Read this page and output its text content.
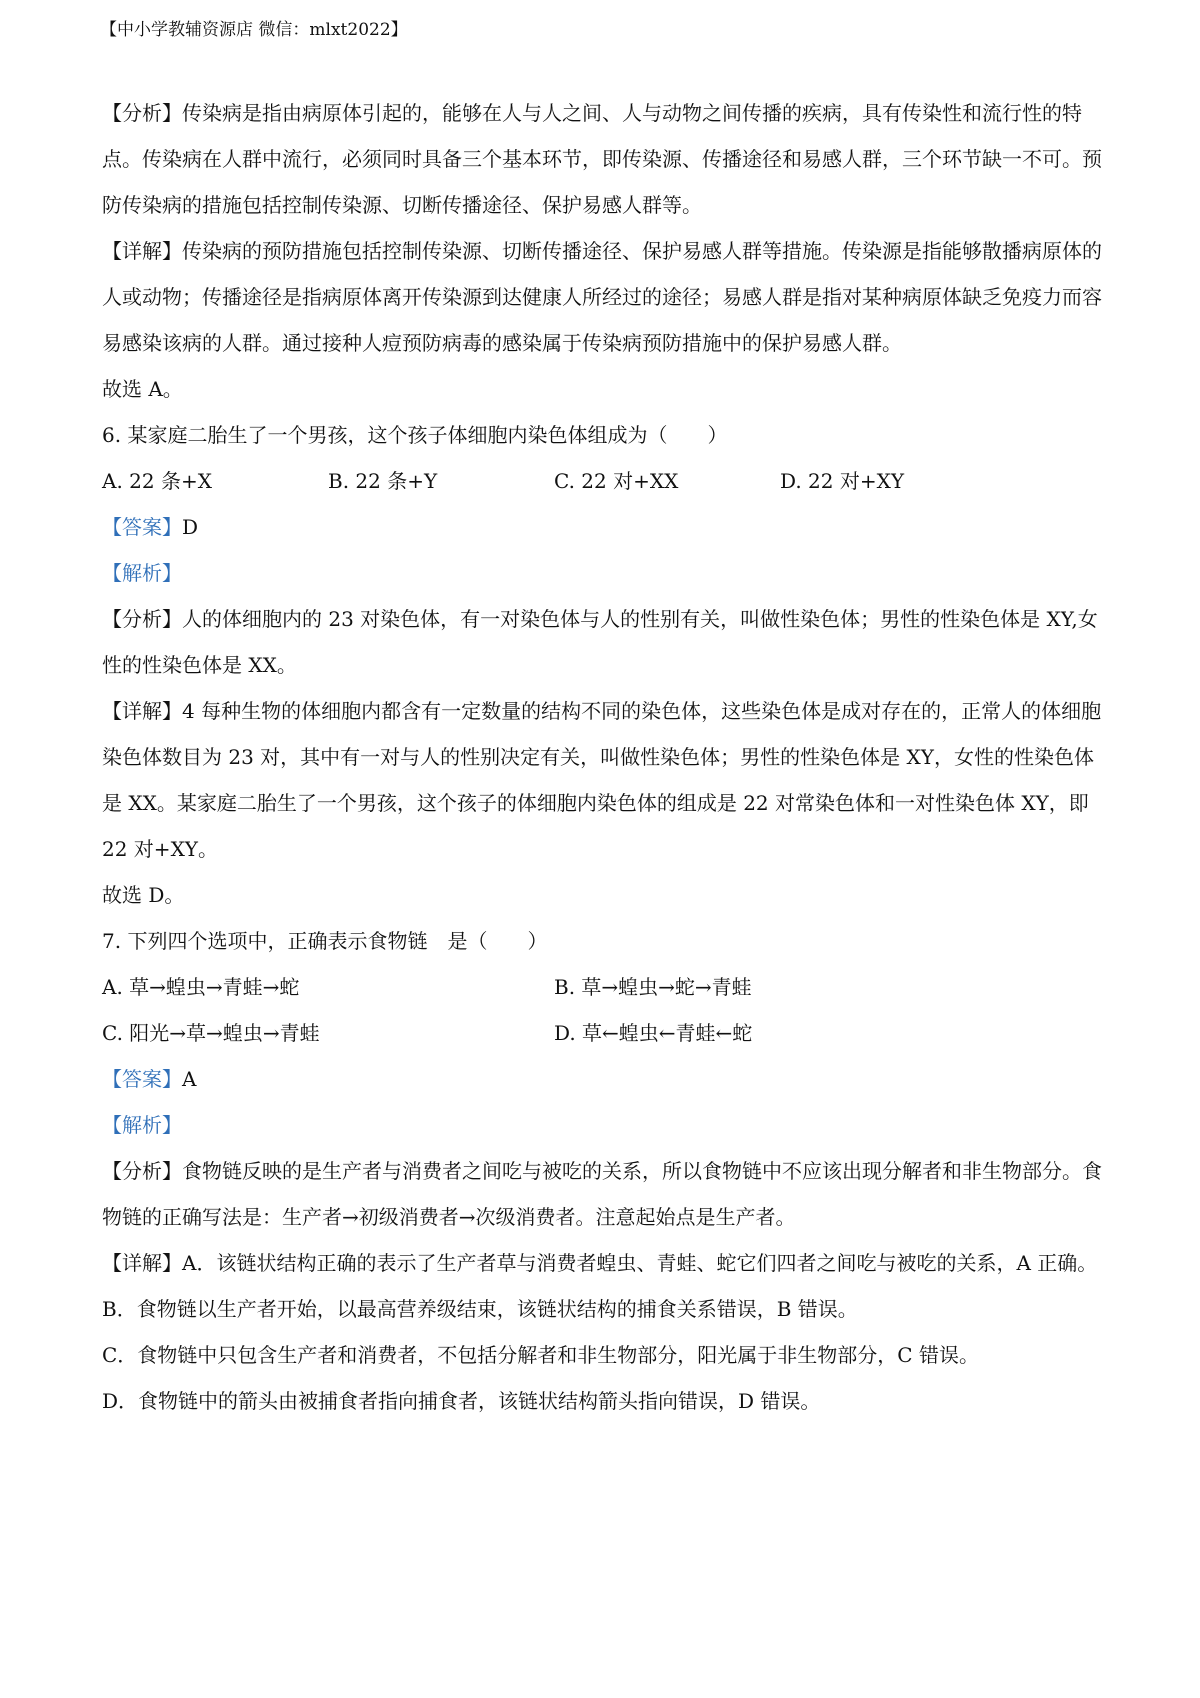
【中小学教辅资源店 微信：mlxt2022】

【分析】传染病是指由病原体引起的，能够在人与人之间、人与动物之间传播的疾病，具有传染性和流行性的特点。传染病在人群中流行，必须同时具备三个基本环节，即传染源、传播途径和易感人群，三个环节缺一不可。预防传染病的措施包括控制传染源、切断传播途径、保护易感人群等。

【详解】传染病的预防措施包括控制传染源、切断传播途径、保护易感人群等措施。传染源是指能够散播病原体的人或动物；传播途径是指病原体离开传染源到达健康人所经过的途径；易感人群是指对某种病原体缺乏免疫力而容易感染该病的人群。通过接种人痘预防病毒的感染属于传染病预防措施中的保护易感人群。

故选 A。

6. 某家庭二胎生了一个男孩，这个孩子体细胞内染色体组成为（　　）

A. 22 条+X	B. 22 条+Y	C. 22 对+XX	D. 22 对+XY

【答案】D

【解析】

【分析】人的体细胞内的 23 对染色体，有一对染色体与人的性别有关，叫做性染色体；男性的性染色体是 XY,女性的性染色体是 XX。

【详解】4 每种生物的体细胞内都含有一定数量的结构不同的染色体，这些染色体是成对存在的，正常人的体细胞染色体数目为 23 对，其中有一对与人的性别决定有关，叫做性染色体；男性的性染色体是 XY，女性的性染色体是 XX。某家庭二胎生了一个男孩，这个孩子的体细胞内染色体的组成是 22 对常染色体和一对性染色体 XY，即 22 对+XY。

故选 D。

7. 下列四个选项中，正确表示食物链　是（　　）

A. 草→蝗虫→青蛙→蛇	B. 草→蝗虫→蛇→青蛙
C. 阳光→草→蝗虫→青蛙	D. 草←蝗虫←青蛙←蛇

【答案】A

【解析】

【分析】食物链反映的是生产者与消费者之间吃与被吃的关系，所以食物链中不应该出现分解者和非生物部分。食物链的正确写法是：生产者→初级消费者→次级消费者。注意起始点是生产者。

【详解】A．该链状结构正确的表示了生产者草与消费者蝗虫、青蛙、蛇它们四者之间吃与被吃的关系，A 正确。

B．食物链以生产者开始，以最高营养级结束，该链状结构的捕食关系错误，B 错误。

C．食物链中只包含生产者和消费者，不包括分解者和非生物部分，阳光属于非生物部分，C 错误。

D．食物链中的箭头由被捕食者指向捕食者，该链状结构箭头指向错误，D 错误。
